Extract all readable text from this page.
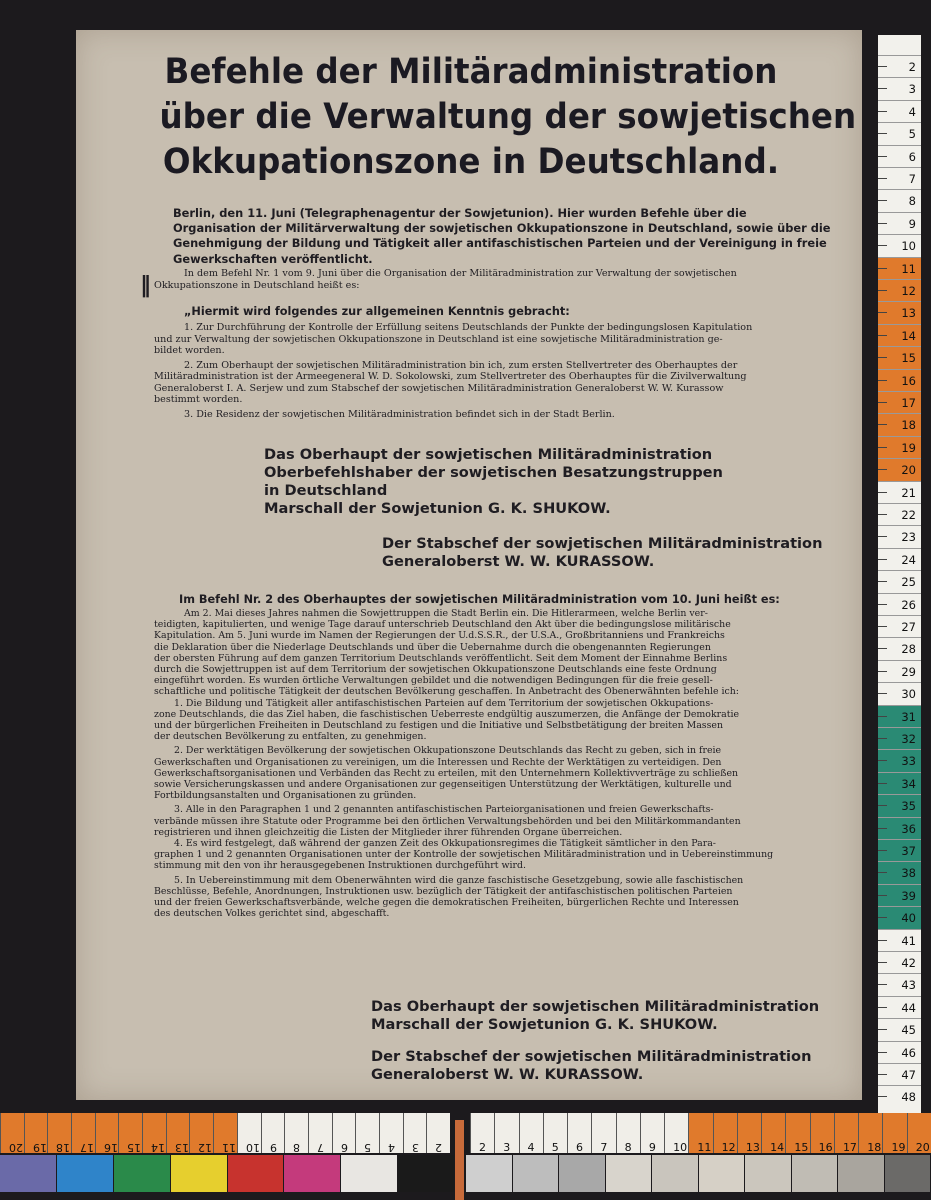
Befehle der Militäradministration
über die Verwaltung der sowjetischen
Okkupationszone in Deutschland.
Berlin, den 11. Juni (Telegraphenagentur der Sowjetunion). Hier wurden Befehle über die
Organisation der Militärverwaltung der sowjetischen Okkupationszone in Deutschland, sowie über die
Genehmigung der Bildung und Tätigkeit aller antifaschistischen Parteien und der Vereinigung in freie
Gewerkschaften veröffentlicht.
‖	In dem Befehl Nr. 1 vom 9. Juni über die Organisation der Militäradministration zur Verwaltung der sowjetischen
Okkupationszone in Deutschland heißt es:
„Hiermit wird folgendes zur allgemeinen Kenntnis gebracht:
1. Zur Durchführung der Kontrolle der Erfüllung seitens Deutschlands der Punkte der bedingungslosen Kapitulation
und zur Verwaltung der sowjetischen Okkupationszone in Deutschland ist eine sowjetische Militäradministration ge-
bildet worden.
2. Zum Oberhaupt der sowjetischen Militäradministration bin ich, zum ersten Stellvertreter des Oberhauptes der
Militäradministration ist der Armeegeneral W. D. Sokolowski, zum Stellvertreter des Oberhauptes für die Zivilverwaltung
Generaloberst I. A. Serjew und zum Stabschef der sowjetischen Militäradministration Generaloberst W. W. Kurassow
bestimmt worden.
3. Die Residenz der sowjetischen Militäradministration befindet sich in der Stadt Berlin.
Das Oberhaupt der sowjetischen Militäradministration
Oberbefehlshaber der sowjetischen Besatzungstruppen
in Deutschland
Marschall der Sowjetunion G. K. SHUKOW.
Der Stabschef der sowjetischen Militäradministration
Generaloberst W. W. KURASSOW.
Im Befehl Nr. 2 des Oberhauptes der sowjetischen Militäradministration vom 10. Juni heißt es:
Am 2. Mai dieses Jahres nahmen die Sowjettruppen die Stadt Berlin ein. Die Hitlerarmeen, welche Berlin ver-
teidigten, kapitulierten, und wenige Tage darauf unterschrieb Deutschland den Akt über die bedingungslose militärische
Kapitulation. Am 5. Juni wurde im Namen der Regierungen der U.d.S.S.R., der U.S.A., Großbritanniens und Frankreichs
die Deklaration über die Niederlage Deutschlands und über die Uebernahme durch die obengenannten Regierungen
der obersten Führung auf dem ganzen Territorium Deutschlands veröffentlicht. Seit dem Moment der Einnahme Berlins
durch die Sowjettruppen ist auf dem Territorium der sowjetischen Okkupationszone Deutschlands eine feste Ordnung
eingeführt worden. Es wurden örtliche Verwaltungen gebildet und die notwendigen Bedingungen für die freie gesell-
schaftliche und politische Tätigkeit der deutschen Bevölkerung geschaffen. In Anbetracht des Obenerwähnten befehle ich:
1. Die Bildung und Tätigkeit aller antifaschistischen Parteien auf dem Territorium der sowjetischen Okkupations-
zone Deutschlands, die das Ziel haben, die faschistischen Ueberreste endgültig auszumerzen, die Anfänge der Demokratie
und der bürgerlichen Freiheiten in Deutschland zu festigen und die Initiative und Selbstbetätigung der breiten Massen
der deutschen Bevölkerung zu entfalten, zu genehmigen.
2. Der werktätigen Bevölkerung der sowjetischen Okkupationszone Deutschlands das Recht zu geben, sich in freie
Gewerkschaften und Organisationen zu vereinigen, um die Interessen und Rechte der Werktätigen zu verteidigen. Den
Gewerkschaftsorganisationen und Verbänden das Recht zu erteilen, mit den Unternehmern Kollektivverträge zu schließen
sowie Versicherungskassen und andere Organisationen zur gegenseitigen Unterstützung der Werktätigen, kulturelle und
Fortbildungsanstalten und Organisationen zu gründen.
3. Alle in den Paragraphen 1 und 2 genannten antifaschistischen Parteiorganisationen und freien Gewerkschafts-
verbände müssen ihre Statute oder Programme bei den örtlichen Verwaltungsbehörden und bei den Militärkommandanten
registrieren und ihnen gleichzeitig die Listen der Mitglieder ihrer führenden Organe überreichen.
4. Es wird festgelegt, daß während der ganzen Zeit des Okkupationsregimes die Tätigkeit sämtlicher in den Para-
graphen 1 und 2 genannten Organisationen unter der Kontrolle der sowjetischen Militäradministration und in Uebereinstimmung
stimmung mit den von ihr herausgegebenen Instruktionen durchgeführt wird.
5. In Uebereinstimmung mit dem Obenerwähnten wird die ganze faschistische Gesetzgebung, sowie alle faschistischen
Beschlüsse, Befehle, Anordnungen, Instruktionen usw. bezüglich der Tätigkeit der antifaschistischen politischen Parteien
und der freien Gewerkschaftsverbände, welche gegen die demokratischen Freiheiten, bürgerlichen Rechte und Interessen
des deutschen Volkes gerichtet sind, abgeschafft.
Das Oberhaupt der sowjetischen Militäradministration
Marschall der Sowjetunion G. K. SHUKOW.
Der Stabschef der sowjetischen Militäradministration
Generaloberst W. W. KURASSOW.
2
3
4
5
6
7
8
9
10
11
12
13
14
15
16
17
18
19
20
21
22
23
24
25
26
27
28
29
30
31
32
33
34
35
36
37
38
39
40
41
42
43
44
45
46
47
48
20 19 18 17 16 15 14 13 12 11 10 9 8 7 6 5 4 3 2	2 3 4 5 6 7 8 9 10 11 12 13 14 15 16 17 18 19 20
